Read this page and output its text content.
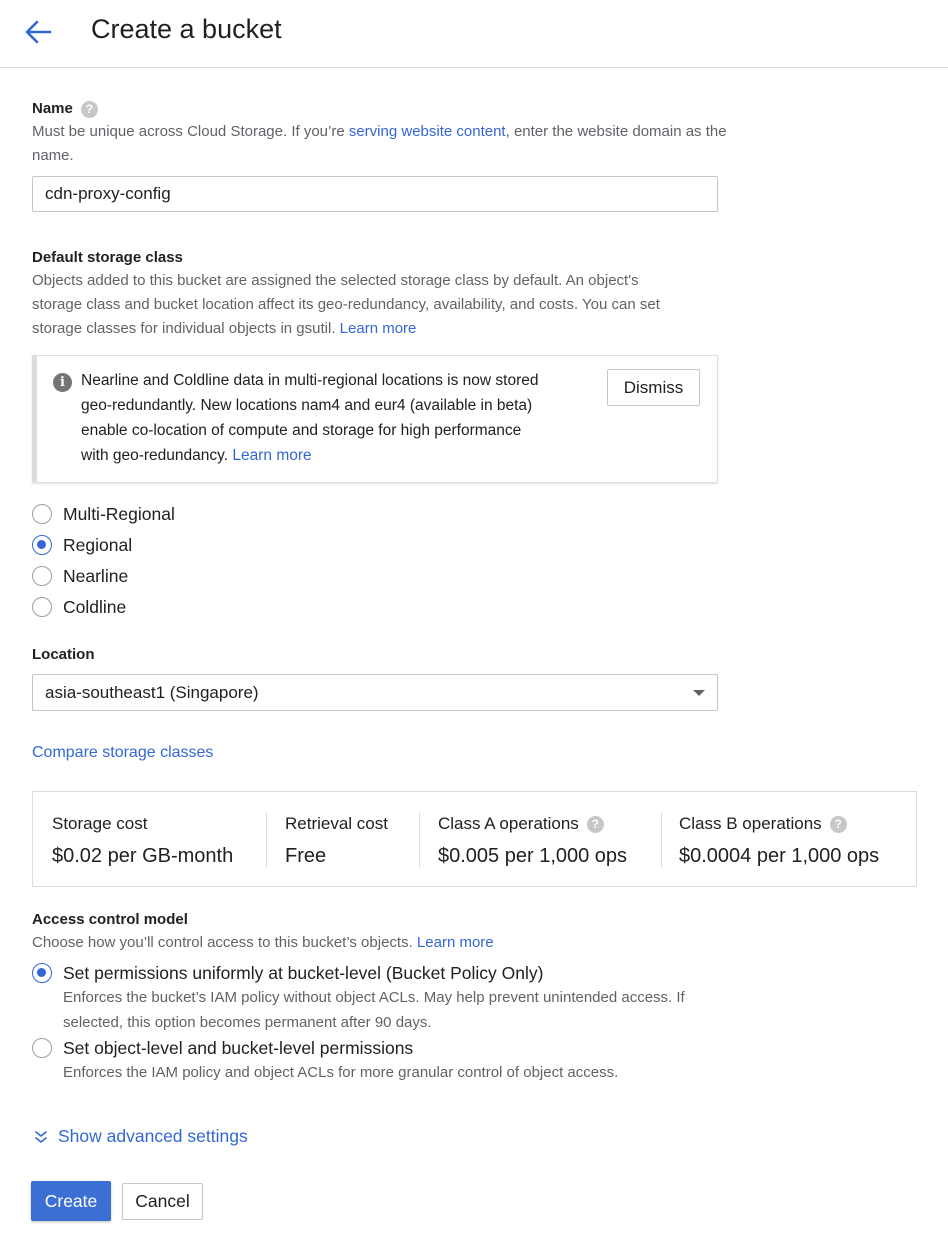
Create a bucket
Name ?
Must be unique across Cloud Storage. If you’re serving website content, enter the website domain as the name.
cdn-proxy-config
Default storage class
Objects added to this bucket are assigned the selected storage class by default. An object's storage class and bucket location affect its geo-redundancy, availability, and costs. You can set storage classes for individual objects in gsutil. Learn more
i	Nearline and Coldline data in multi-regional locations is now stored geo-redundantly. New locations nam4 and eur4 (available in beta) enable co-location of compute and storage for high performance with geo-redundancy. Learn more
Dismiss
Multi-Regional
Regional
Nearline
Coldline
Location
asia-southeast1 (Singapore)
Compare storage classes
Storage cost
$0.02 per GB-month
Retrieval cost
Free
Class A operations ?
$0.005 per 1,000 ops
Class B operations ?
$0.0004 per 1,000 ops
Access control model
Choose how you’ll control access to this bucket’s objects. Learn more
Set permissions uniformly at bucket-level (Bucket Policy Only)
Enforces the bucket’s IAM policy without object ACLs. May help prevent unintended access. If selected, this option becomes permanent after 90 days.
Set object-level and bucket-level permissions
Enforces the IAM policy and object ACLs for more granular control of object access.
Show advanced settings
Create	Cancel
